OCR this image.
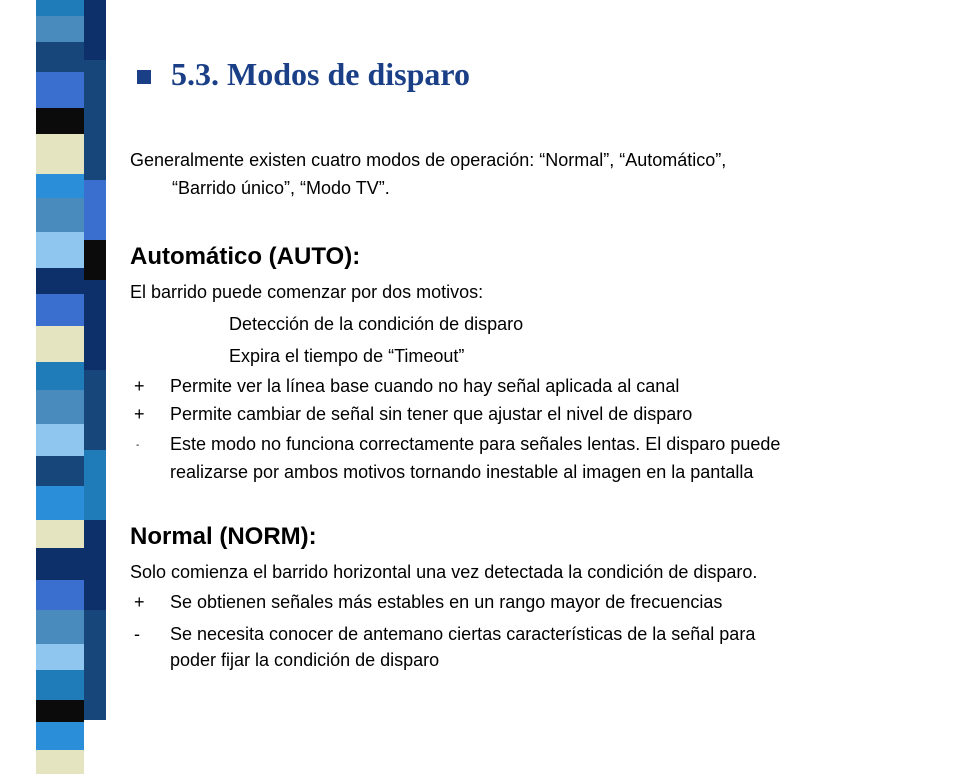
5.3. Modos de disparo

Generalmente existen cuatro modos de operación: “Normal”, “Automático”,

“Barrido único”, “Modo TV”.

Automático (AUTO):

El barrido puede comenzar por dos motivos:

Detección de la condición de disparo

Expira el tiempo de “Timeout”

+ Permite ver la línea base cuando no hay señal aplicada al canal

+ Permite cambiar de señal sin tener que ajustar el nivel de disparo

- Este modo no funciona correctamente para señales lentas. El disparo puede

realizarse por ambos motivos tornando inestable al imagen en la pantalla

Normal (NORM):

Solo comienza el barrido horizontal una vez detectada la condición de disparo.

+ Se obtienen señales más estables en un rango mayor de frecuencias

- Se necesita conocer de antemano ciertas características de la señal para

poder fijar la condición de disparo
